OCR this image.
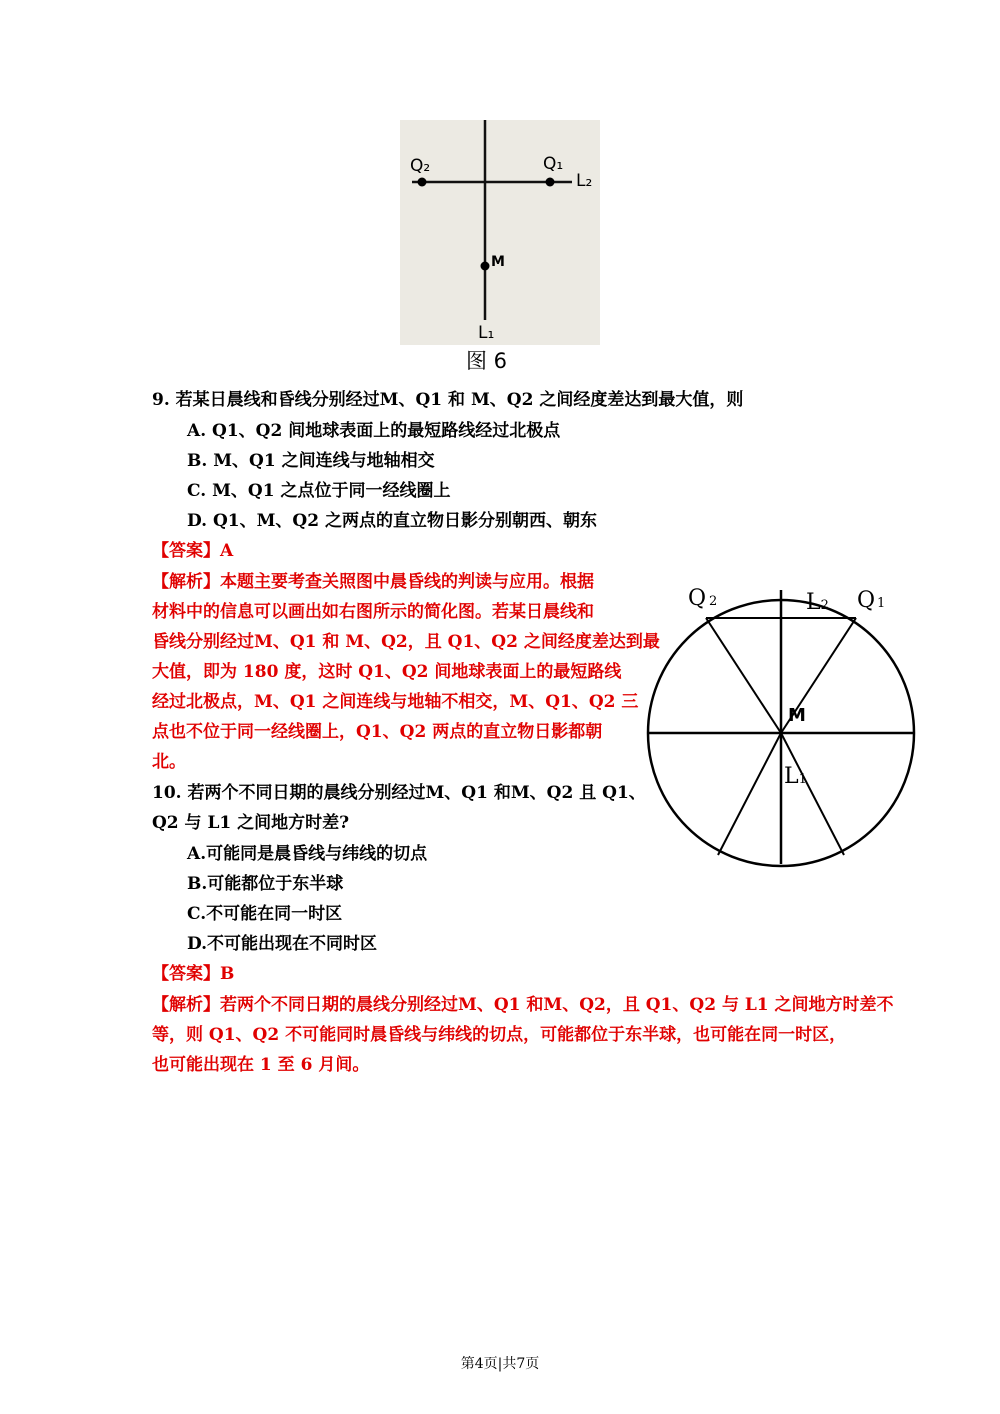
Q₂	Q₁
L₂
M
L₁
图 6
9. 若某日晨线和昏线分别经过M、Q1 和 M、Q2 之间经度差达到最大值，则
A. Q1、Q2 间地球表面上的最短路线经过北极点
B. M、Q1 之间连线与地轴相交
C. M、Q1 之点位于同一经线圈上
D. Q1、M、Q2 之两点的直立物日影分别朝西、朝东
【答案】A
【解析】本题主要考查关照图中晨昏线的判读与应用。根据
材料中的信息可以画出如右图所示的简化图。若某日晨线和
昏线分别经过M、Q1 和 M、Q2，且 Q1、Q2 之间经度差达到最
大值，即为 180 度，这时 Q1、Q2 间地球表面上的最短路线
经过北极点，M、Q1 之间连线与地轴不相交，M、Q1、Q2 三
点也不位于同一经线圈上，Q1、Q2 两点的直立物日影都朝
北。
Q 2	L2 Q 1
M
L1
10. 若两个不同日期的晨线分别经过M、Q1 和M、Q2 且 Q1、
Q2 与 L1 之间地方时差?
A.可能同是晨昏线与纬线的切点
B.可能都位于东半球
C.不可能在同一时区
D.不可能出现在不同时区
【答案】B
【解析】若两个不同日期的晨线分别经过M、Q1 和M、Q2，且 Q1、Q2 与 L1 之间地方时差不
等，则 Q1、Q2 不可能同时晨昏线与纬线的切点，可能都位于东半球，也可能在同一时区，
也可能出现在 1 至 6 月间。
第4页|共7页
